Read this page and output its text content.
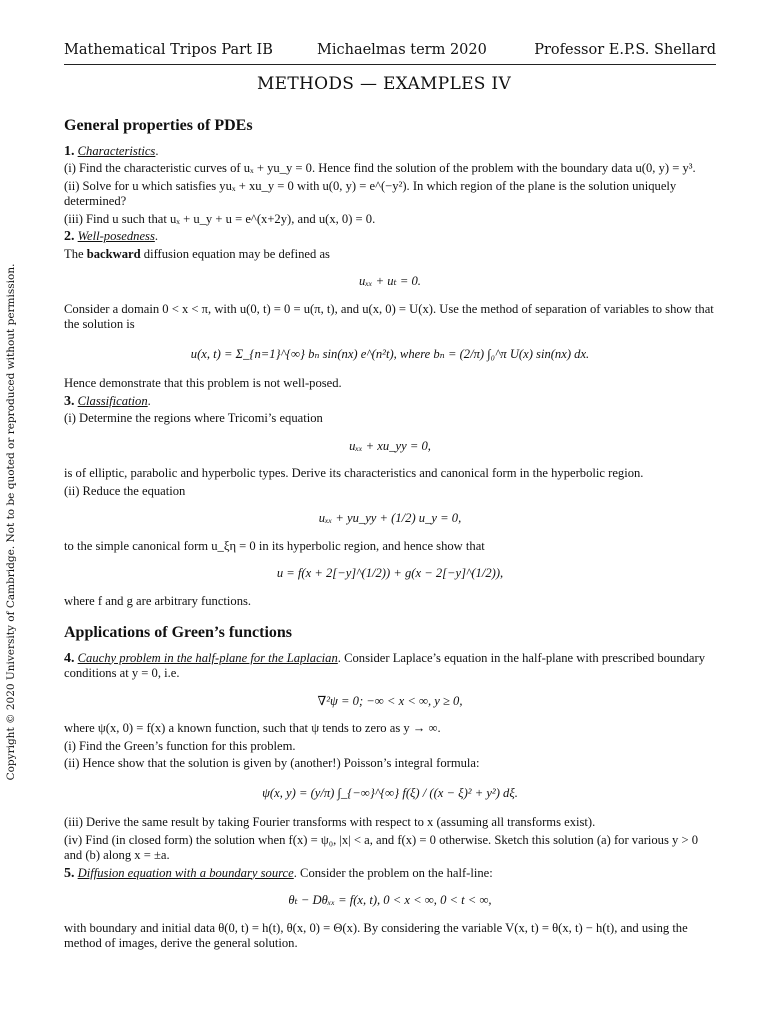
Mathematical Tripos Part IB	Michaelmas term 2020	Professor E.P.S. Shellard
METHODS — EXAMPLES IV
Copyright © 2020 University of Cambridge. Not to be quoted or reproduced without permission.
General properties of PDEs
1. Characteristics.
(i) Find the characteristic curves of uₓ + yu_y = 0. Hence find the solution of the problem with the boundary data u(0, y) = y³.
(ii) Solve for u which satisfies yuₓ + xu_y = 0 with u(0, y) = e^(−y²). In which region of the plane is the solution uniquely determined?
(iii) Find u such that uₓ + u_y + u = e^(x+2y), and u(x, 0) = 0.
2. Well-posedness.
The backward diffusion equation may be defined as
uₓₓ + uₜ = 0.
Consider a domain 0 < x < π, with u(0, t) = 0 = u(π, t), and u(x, 0) = U(x). Use the method of separation of variables to show that the solution is
u(x, t) = Σ_{n=1}^{∞} bₙ sin(nx) e^(n²t), where bₙ = (2/π) ∫₀^π U(x) sin(nx) dx.
Hence demonstrate that this problem is not well-posed.
3. Classification.
(i) Determine the regions where Tricomi’s equation
uₓₓ + xu_yy = 0,
is of elliptic, parabolic and hyperbolic types. Derive its characteristics and canonical form in the hyperbolic region.
(ii) Reduce the equation
uₓₓ + yu_yy + (1/2) u_y = 0,
to the simple canonical form u_ξη = 0 in its hyperbolic region, and hence show that
u = f(x + 2[−y]^(1/2)) + g(x − 2[−y]^(1/2)),
where f and g are arbitrary functions.
Applications of Green’s functions
4. Cauchy problem in the half-plane for the Laplacian. Consider Laplace’s equation in the half-plane with prescribed boundary conditions at y = 0, i.e.
∇²ψ = 0; −∞ < x < ∞, y ≥ 0,
where ψ(x, 0) = f(x) a known function, such that ψ tends to zero as y → ∞.
(i) Find the Green’s function for this problem.
(ii) Hence show that the solution is given by (another!) Poisson’s integral formula:
ψ(x, y) = (y/π) ∫_{−∞}^{∞} f(ξ) / ((x − ξ)² + y²) dξ.
(iii) Derive the same result by taking Fourier transforms with respect to x (assuming all transforms exist).
(iv) Find (in closed form) the solution when f(x) = ψ₀, |x| < a, and f(x) = 0 otherwise. Sketch this solution (a) for various y > 0 and (b) along x = ±a.
5. Diffusion equation with a boundary source. Consider the problem on the half-line:
θₜ − Dθₓₓ = f(x, t), 0 < x < ∞, 0 < t < ∞,
with boundary and initial data θ(0, t) = h(t), θ(x, 0) = Θ(x). By considering the variable V(x, t) = θ(x, t) − h(t), and using the method of images, derive the general solution.
